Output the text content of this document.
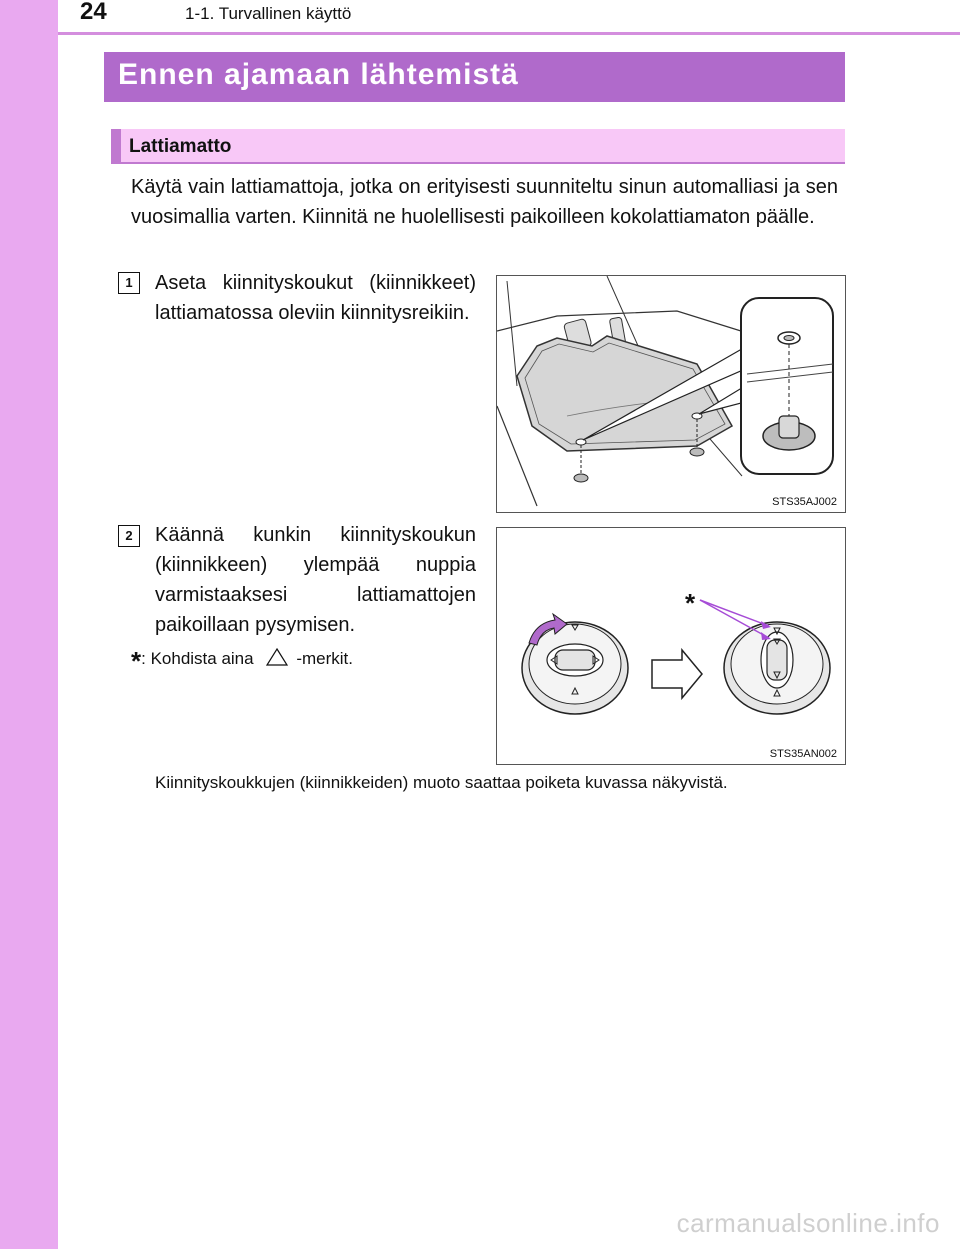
24	1-1. Turvallinen käyttö
Ennen ajamaan lähtemistä
Lattiamatto
Käytä vain lattiamattoja, jotka on erityisesti suunniteltu sinun automalliasi ja sen vuosimallia varten. Kiinnitä ne huolellisesti paikoilleen kokolattiamaton päälle.
1	Aseta kiinnityskoukut (kiinnikkeet) lattiamatossa oleviin kiinnitysreikiin.
STS35AJ002
2	Käännä kunkin kiinnityskoukun (kiinnikkeen) ylempää nuppia varmistaaksesi lattiamattojen paikoillaan pysymisen.
*: Kohdista aina	-merkit.
*
STS35AN002
Kiinnityskoukkujen (kiinnikkeiden) muoto saattaa poiketa kuvassa näkyvistä.
carmanualsonline.info
